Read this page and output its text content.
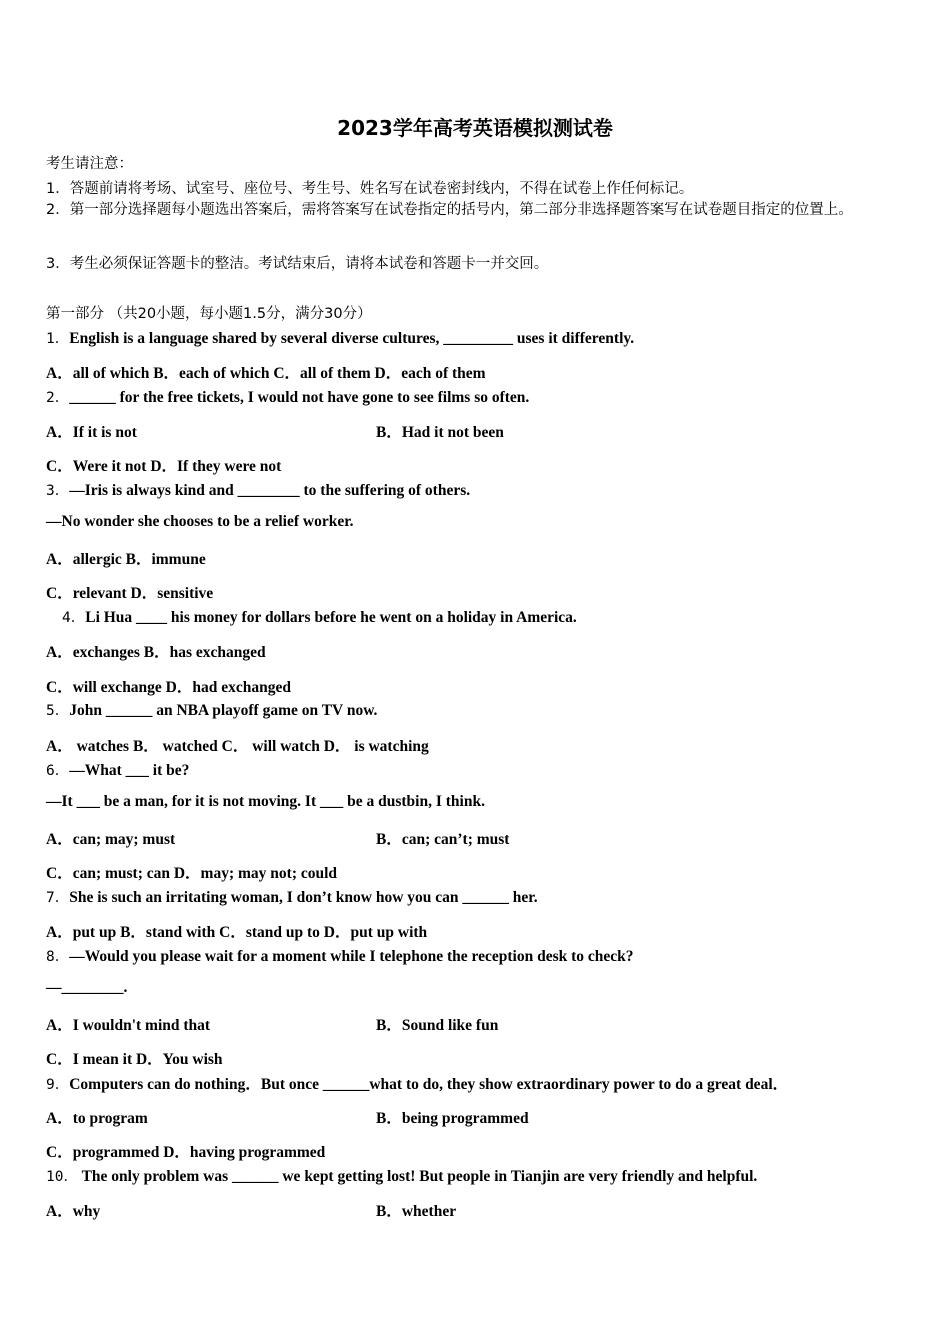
2023学年高考英语模拟测试卷
考生请注意：
1．答题前请将考场、试室号、座位号、考生号、姓名写在试卷密封线内，不得在试卷上作任何标记。
2．第一部分选择题每小题选出答案后，需将答案写在试卷指定的括号内，第二部分非选择题答案写在试卷题目指定的位置上。
3．考生必须保证答题卡的整洁。考试结束后，请将本试卷和答题卡一并交回。
第一部分 （共20小题，每小题1.5分，满分30分）
1．English is a language shared by several diverse cultures, _________ uses it differently.
A．all of which B．each of which C．all of them D．each of them
2．______ for the free tickets, I would not have gone to see films so often.
A．If it is not	B．Had it not been
C．Were it not D．If they were not
3．—Iris is always kind and ________ to the suffering of others.
—No wonder she chooses to be a relief worker.
A．allergic B．immune
C．relevant D．sensitive
4．Li Hua ____ his money for dollars before he went on a holiday in America.
A．exchanges B．has exchanged
C．will exchange D．had exchanged
5．John ______ an NBA playoff game on TV now.
A． watches B． watched C． will watch D． is watching
6．—What ___ it be?
—It ___ be a man, for it is not moving. It ___ be a dustbin, I think.
A．can; may; must	B．can; can’t; must
C．can; must; can D．may; may not; could
7．She is such an irritating woman, I don’t know how you can ______ her.
A．put up B．stand with C．stand up to D．put up with
8．—Would you please wait for a moment while I telephone the reception desk to check?
—________.
A．I wouldn't mind that	B．Sound like fun
C．I mean it D．You wish
9．Computers can do nothing．But once ______what to do, they show extraordinary power to do a great deal．
A．to program	B．being programmed
C．programmed D．having programmed
10． The only problem was ______ we kept getting lost! But people in Tianjin are very friendly and helpful.
A．why	B．whether
